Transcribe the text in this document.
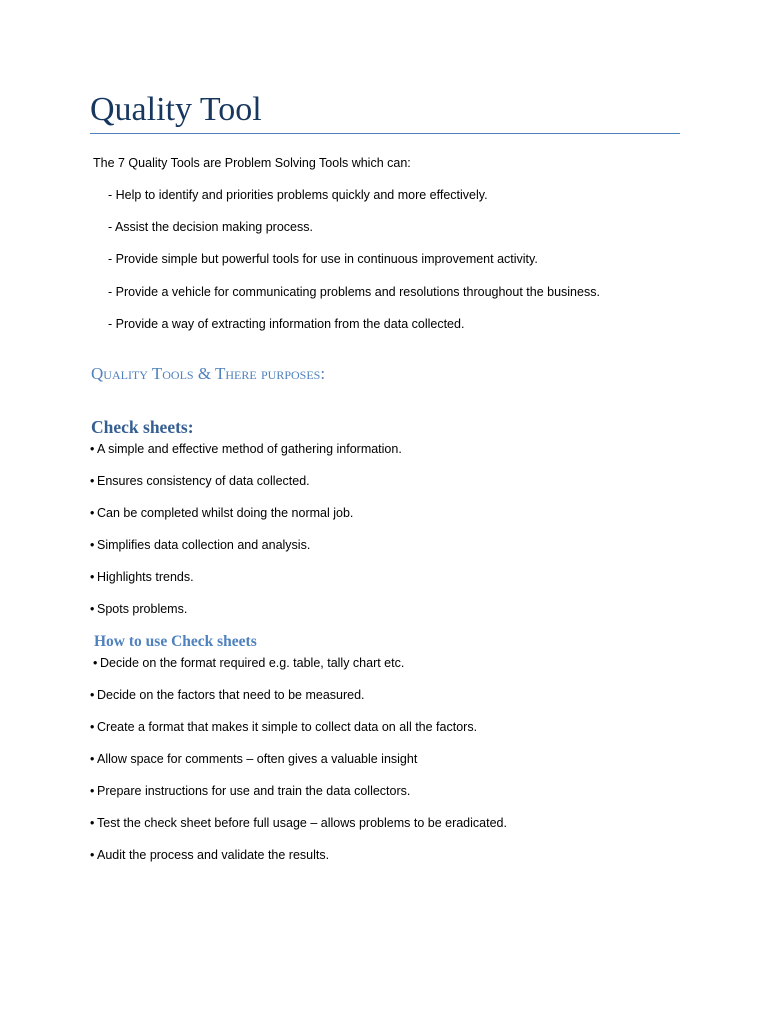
Quality Tool

The 7 Quality Tools are Problem Solving Tools which can:

- Help to identify and priorities problems quickly and more effectively.
- Assist the decision making process.
- Provide simple but powerful tools for use in continuous improvement activity.
- Provide a vehicle for communicating problems and resolutions throughout the business.
- Provide a way of extracting information from the data collected.
Quality Tools & There purposes:
Check sheets:
• A simple and effective method of gathering information.
• Ensures consistency of data collected.
• Can be completed whilst doing the normal job.
• Simplifies data collection and analysis.
• Highlights trends.
• Spots problems.
How to use Check sheets
• Decide on the format required e.g. table, tally chart etc.
• Decide on the factors that need to be measured.
• Create a format that makes it simple to collect data on all the factors.
• Allow space for comments – often gives a valuable insight
• Prepare instructions for use and train the data collectors.
• Test the check sheet before full usage – allows problems to be eradicated.
• Audit the process and validate the results.
